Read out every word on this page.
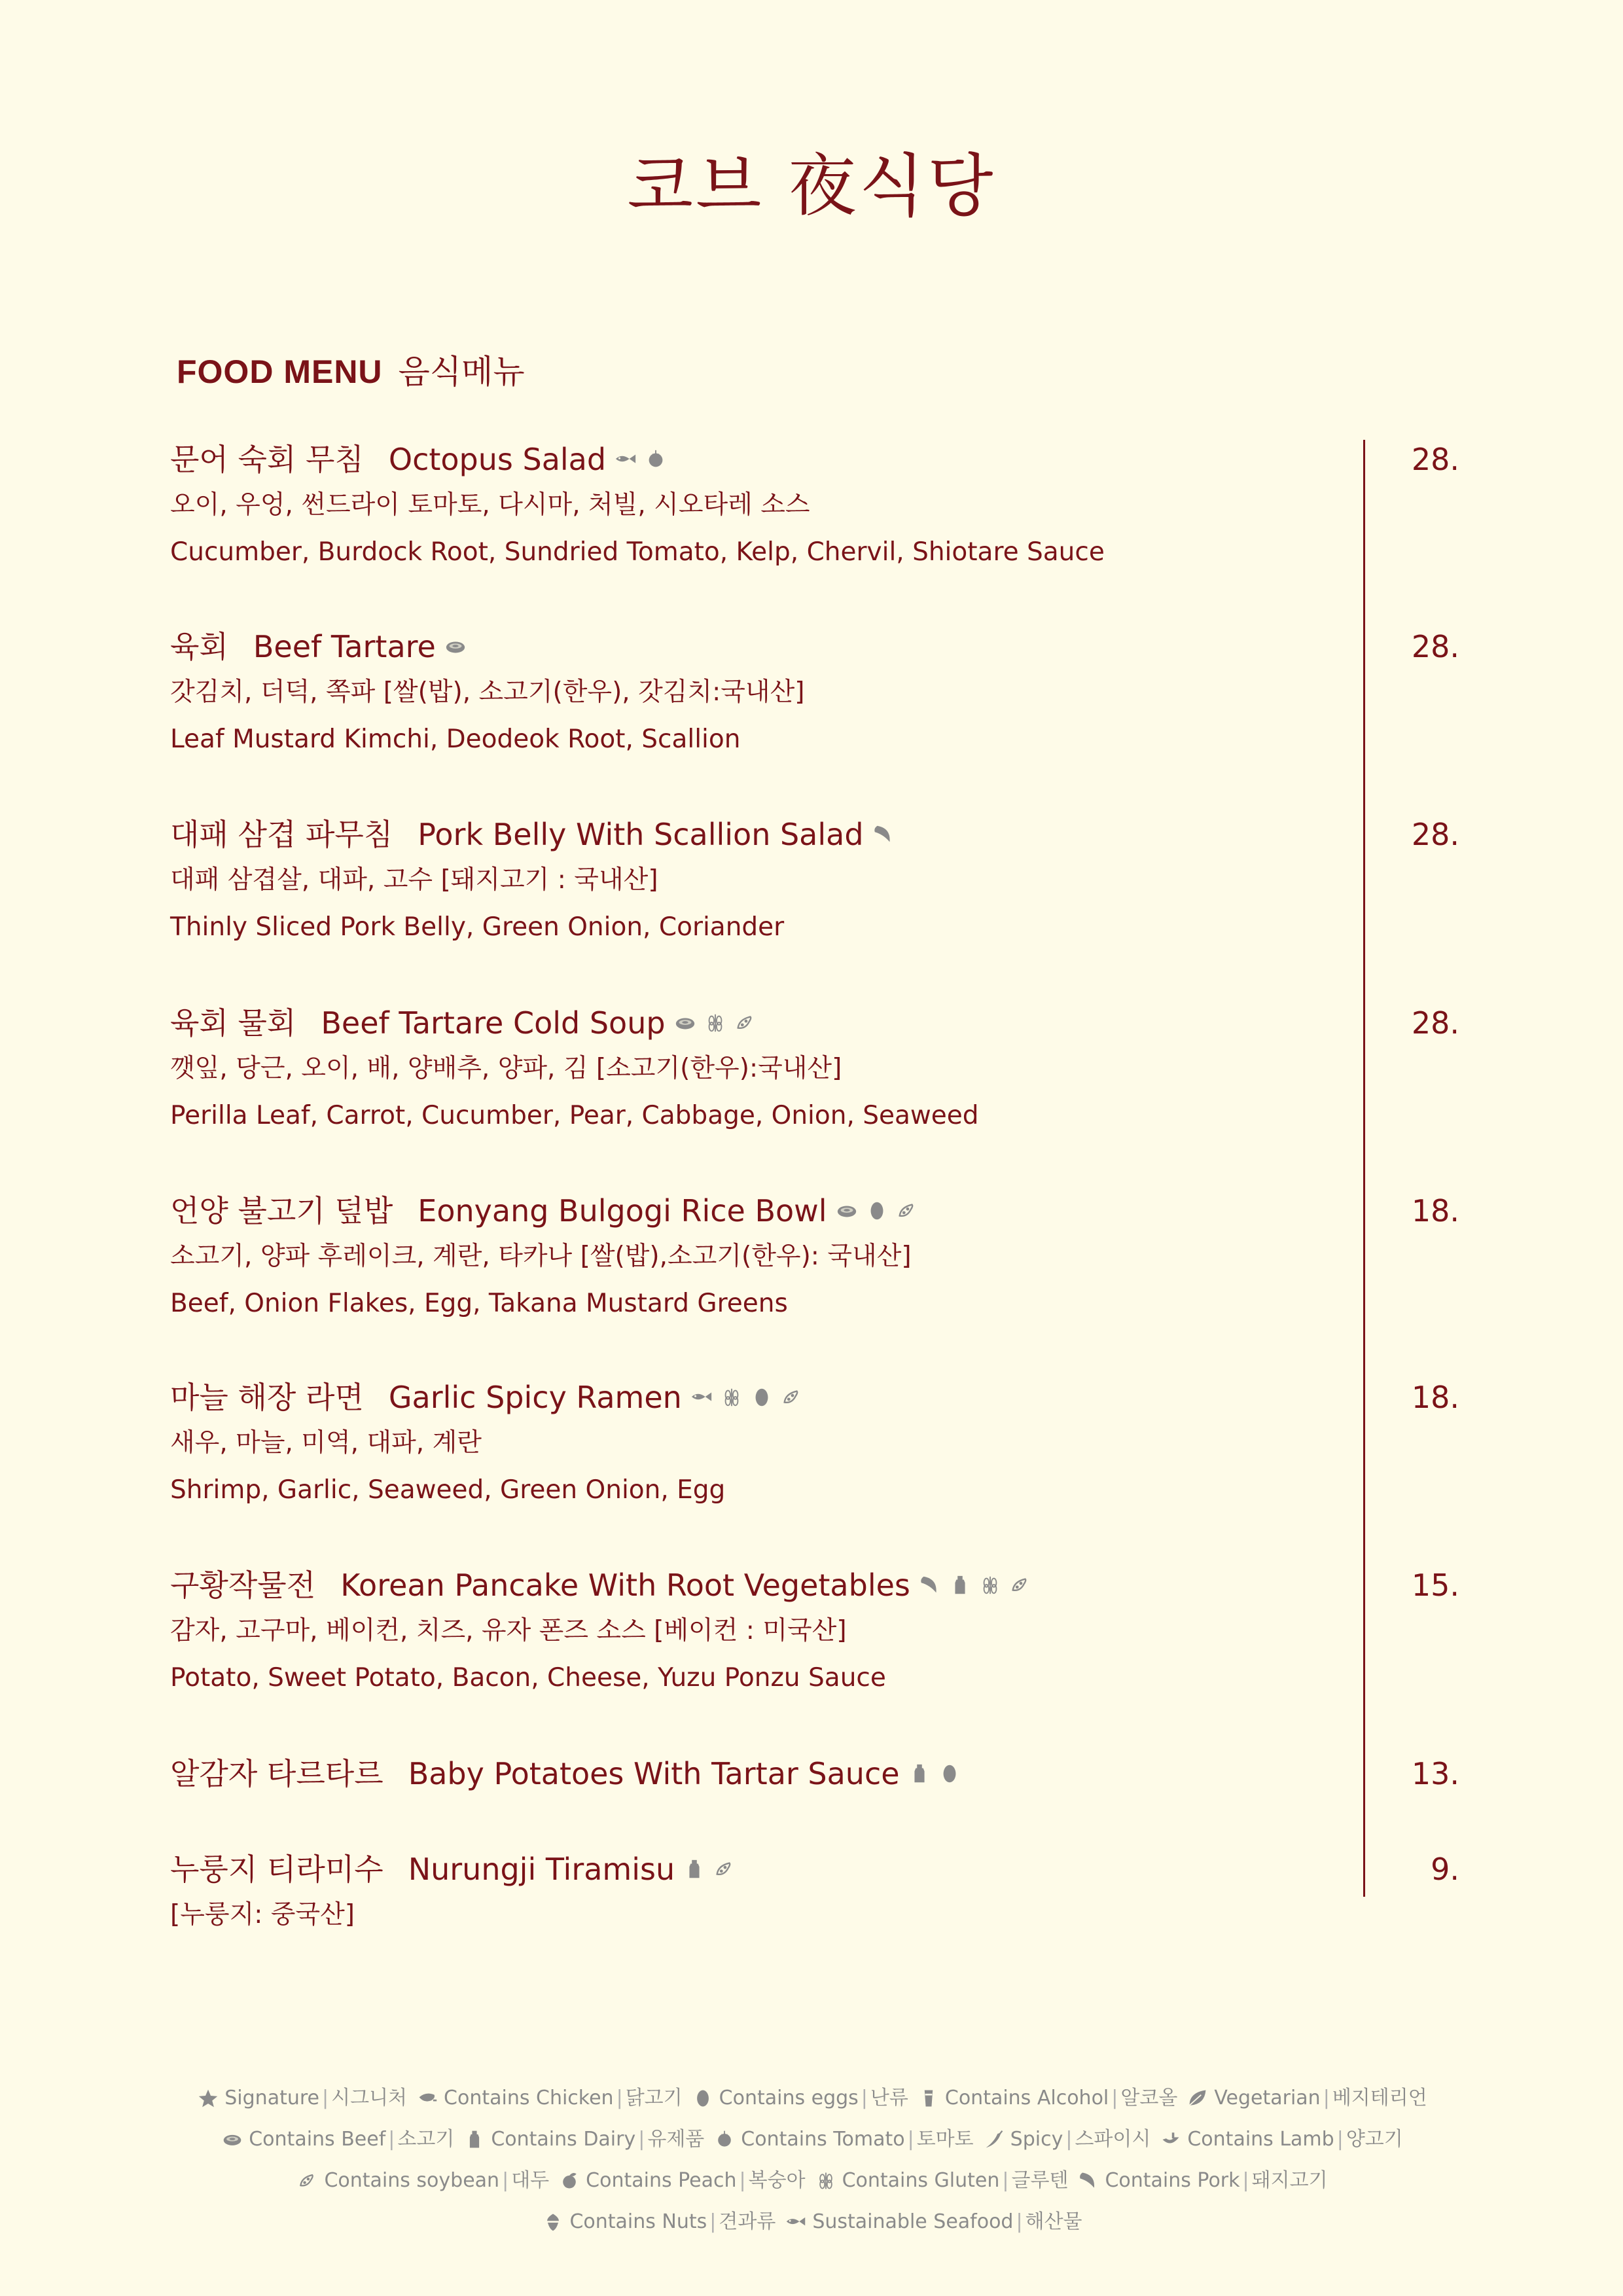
코브 夜식당
FOOD MENU 음식메뉴
문어 숙회 무침 Octopus Salad
오이, 우엉, 썬드라이 토마토, 다시마, 처빌, 시오타레 소스
Cucumber, Burdock Root, Sundried Tomato, Kelp, Chervil, Shiotare Sauce
28.
육회 Beef Tartare
갓김치, 더덕, 쪽파 [쌀(밥), 소고기(한우), 갓김치:국내산]
Leaf Mustard Kimchi, Deodeok Root, Scallion
28.
대패 삼겹 파무침 Pork Belly With Scallion Salad
대패 삼겹살, 대파, 고수 [돼지고기 : 국내산]
Thinly Sliced Pork Belly, Green Onion, Coriander
28.
육회 물회 Beef Tartare Cold Soup
깻잎, 당근, 오이, 배, 양배추, 양파, 김 [소고기(한우):국내산]
Perilla Leaf, Carrot, Cucumber, Pear, Cabbage, Onion, Seaweed
28.
언양 불고기 덮밥 Eonyang Bulgogi Rice Bowl
소고기, 양파 후레이크, 계란, 타카나 [쌀(밥),소고기(한우): 국내산]
Beef, Onion Flakes, Egg, Takana Mustard Greens
18.
마늘 해장 라면 Garlic Spicy Ramen
새우, 마늘, 미역, 대파, 계란
Shrimp, Garlic, Seaweed, Green Onion, Egg
18.
구황작물전 Korean Pancake With Root Vegetables
감자, 고구마, 베이컨, 치즈, 유자 폰즈 소스 [베이컨 : 미국산]
Potato, Sweet Potato, Bacon, Cheese, Yuzu Ponzu Sauce
15.
알감자 타르타르 Baby Potatoes With Tartar Sauce	13.
누룽지 티라미수 Nurungji Tiramisu
[누룽지: 중국산]
9.
Signature | 시그니처 Contains Chicken | 닭고기 Contains eggs | 난류 Contains Alcohol | 알코올 Vegetarian | 베지테리언
Contains Beef | 소고기 Contains Dairy | 유제품 Contains Tomato | 토마토 Spicy | 스파이시 Contains Lamb | 양고기
Contains soybean | 대두 Contains Peach | 복숭아 Contains Gluten | 글루텐 Contains Pork | 돼지고기
Contains Nuts | 견과류 Sustainable Seafood | 해산물
